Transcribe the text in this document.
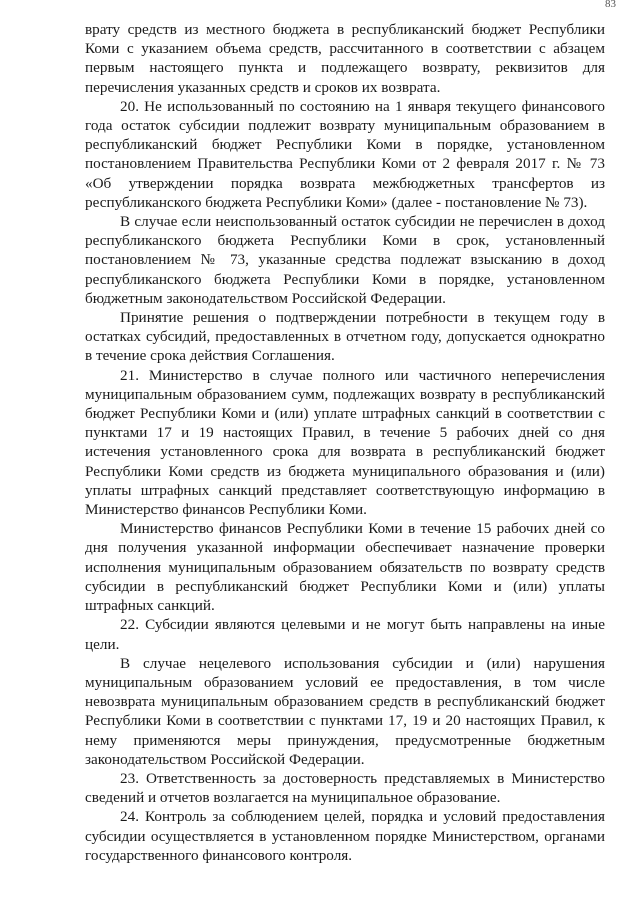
83

врату средств из местного бюджета в республиканский бюджет Республики Коми с указанием объема средств, рассчитанного в соответствии с абзацем первым настоящего пункта и подлежащего возврату, реквизитов для перечисления указанных средств и сроков их возврата.

20. Не использованный по состоянию на 1 января текущего финансового года остаток субсидии подлежит возврату муниципальным образованием в республиканский бюджет Республики Коми в порядке, установленном постановлением Правительства Республики Коми от 2 февраля 2017 г. № 73 «Об утверждении порядка возврата межбюджетных трансфертов из республиканского бюджета Республики Коми» (далее - постановление № 73).

В случае если неиспользованный остаток субсидии не перечислен в доход республиканского бюджета Республики Коми в срок, установленный постановлением № 73, указанные средства подлежат взысканию в доход республиканского бюджета Республики Коми в порядке, установленном бюджетным законодательством Российской Федерации.

Принятие решения о подтверждении потребности в текущем году в остатках субсидий, предоставленных в отчетном году, допускается однократно в течение срока действия Соглашения.

21. Министерство в случае полного или частичного неперечисления муниципальным образованием сумм, подлежащих возврату в республиканский бюджет Республики Коми и (или) уплате штрафных санкций в соответствии с пунктами 17 и 19 настоящих Правил, в течение 5 рабочих дней со дня истечения установленного срока для возврата в республиканский бюджет Республики Коми средств из бюджета муниципального образования и (или) уплаты штрафных санкций представляет соответствующую информацию в Министерство финансов Республики Коми.

Министерство финансов Республики Коми в течение 15 рабочих дней со дня получения указанной информации обеспечивает назначение проверки исполнения муниципальным образованием обязательств по возврату средств субсидии в республиканский бюджет Республики Коми и (или) уплаты штрафных санкций.

22. Субсидии являются целевыми и не могут быть направлены на иные цели.

В случае нецелевого использования субсидии и (или) нарушения муниципальным образованием условий ее предоставления, в том числе невозврата муниципальным образованием средств в республиканский бюджет Республики Коми в соответствии с пунктами 17, 19 и 20 настоящих Правил, к нему применяются меры принуждения, предусмотренные бюджетным законодательством Российской Федерации.

23. Ответственность за достоверность представляемых в Министерство сведений и отчетов возлагается на муниципальное образование.

24. Контроль за соблюдением целей, порядка и условий предоставления субсидии осуществляется в установленном порядке Министерством, органами государственного финансового контроля.
